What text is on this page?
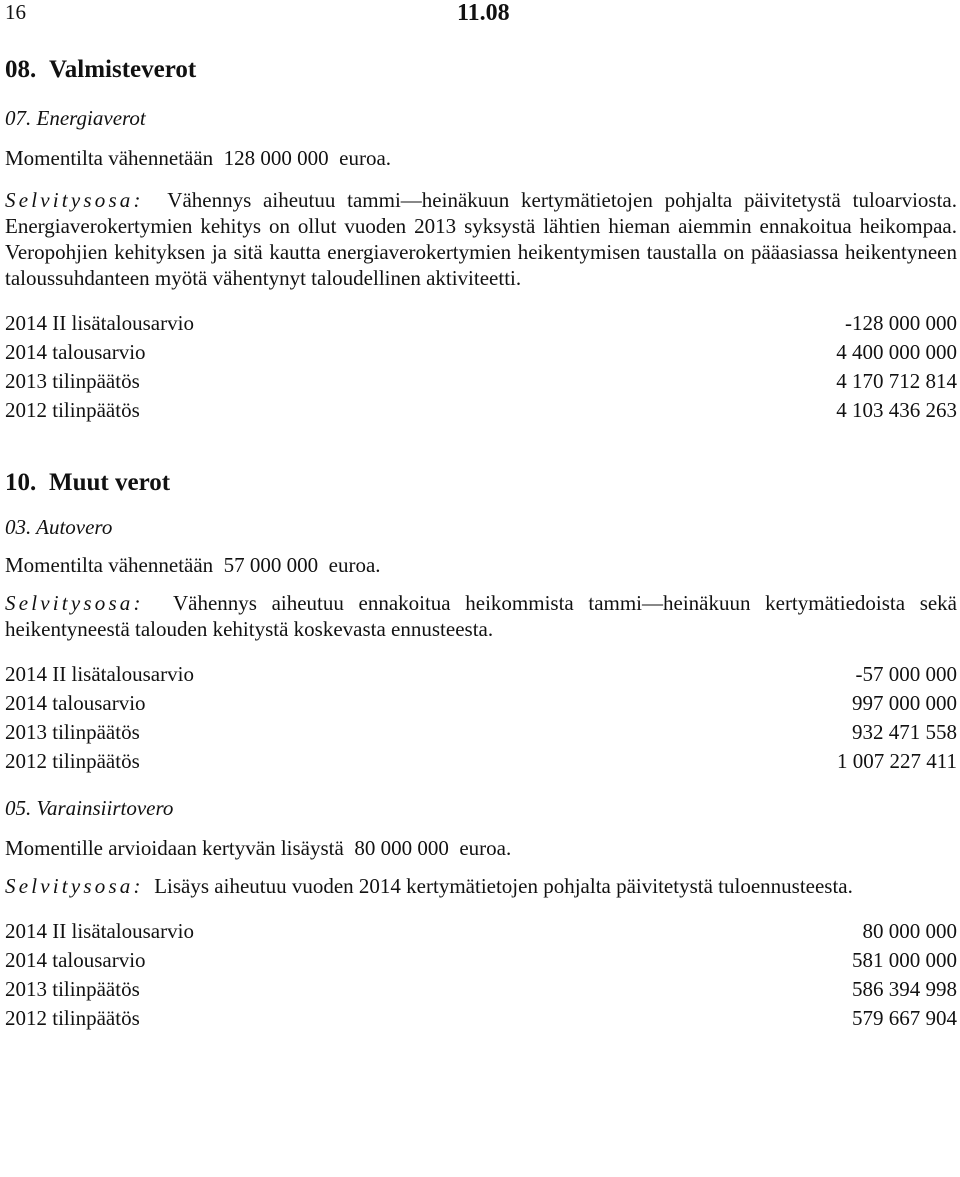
16	11.08
08. Valmisteverot
07. Energiaverot

Momentilta vähennetään  128 000 000  euroa.

Selvitysosa: Vähennys aiheutuu tammi—heinäkuun kertymätietojen pohjalta päivitetystä tuloarviosta. Energiaverokertymien kehitys on ollut vuoden 2013 syksystä lähtien hieman aiemmin ennakoitua heikompaa. Veropohjien kehityksen ja sitä kautta energiaverokertymien heikentymisen taustalla on pääasiassa heikentyneen taloussuhdanteen myötä vähentynyt taloudellinen aktiviteetti.

2014 II lisätalousarvio	-128 000 000
2014 talousarvio	4 400 000 000
2013 tilinpäätös	4 170 712 814
2012 tilinpäätös	4 103 436 263
10. Muut verot
03. Autovero

Momentilta vähennetään  57 000 000  euroa.

Selvitysosa: Vähennys aiheutuu ennakoitua heikommista tammi—heinäkuun kertymätiedoista sekä heikentyneestä talouden kehitystä koskevasta ennusteesta.

2014 II lisätalousarvio	-57 000 000
2014 talousarvio	997 000 000
2013 tilinpäätös	932 471 558
2012 tilinpäätös	1 007 227 411
05. Varainsiirtovero

Momentille arvioidaan kertyvän lisäystä  80 000 000  euroa.

Selvitysosa: Lisäys aiheutuu vuoden 2014 kertymätietojen pohjalta päivitetystä tuloennusteesta.

2014 II lisätalousarvio	80 000 000
2014 talousarvio	581 000 000
2013 tilinpäätös	586 394 998
2012 tilinpäätös	579 667 904
